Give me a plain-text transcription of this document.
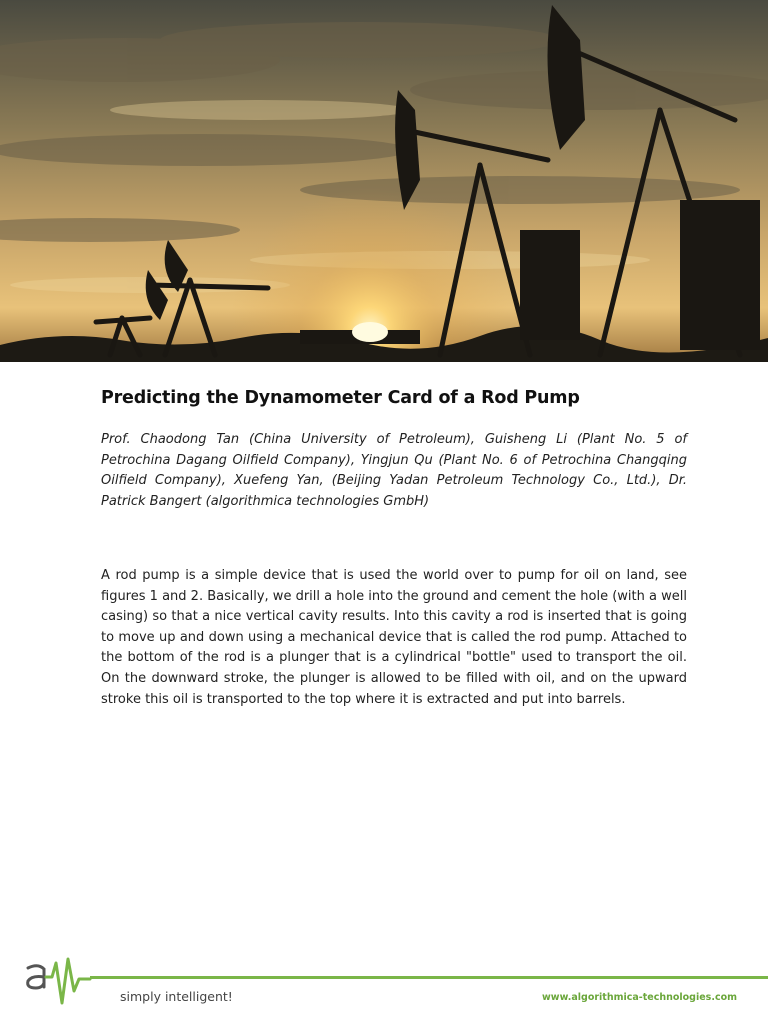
Predicting the Dynamometer Card of a Rod Pump

Prof. Chaodong Tan (China University of Petroleum), Guisheng Li (Plant No. 5 of Petrochina Dagang Oilfield Company), Yingjun Qu (Plant No. 6 of Petrochina Changqing Oilfield Company), Xuefeng Yan, (Beijing Yadan Petroleum Technology Co., Ltd.), Dr. Patrick Bangert (algorithmica technologies GmbH)

A rod pump is a simple device that is used the world over to pump for oil on land, see figures 1 and 2. Basically, we drill a hole into the ground and cement the hole (with a well casing) so that a nice vertical cavity results. Into this cavity a rod is inserted that is going to move up and down using a mechanical device that is called the rod pump. Attached to the bottom of the rod is a plunger that is a cylindrical "bottle" used to transport the oil. On the downward stroke, the plunger is allowed to be filled with oil, and on the upward stroke this oil is transported to the top where it is extracted and put into barrels.

simply intelligent!	www.algorithmica-technologies.com
